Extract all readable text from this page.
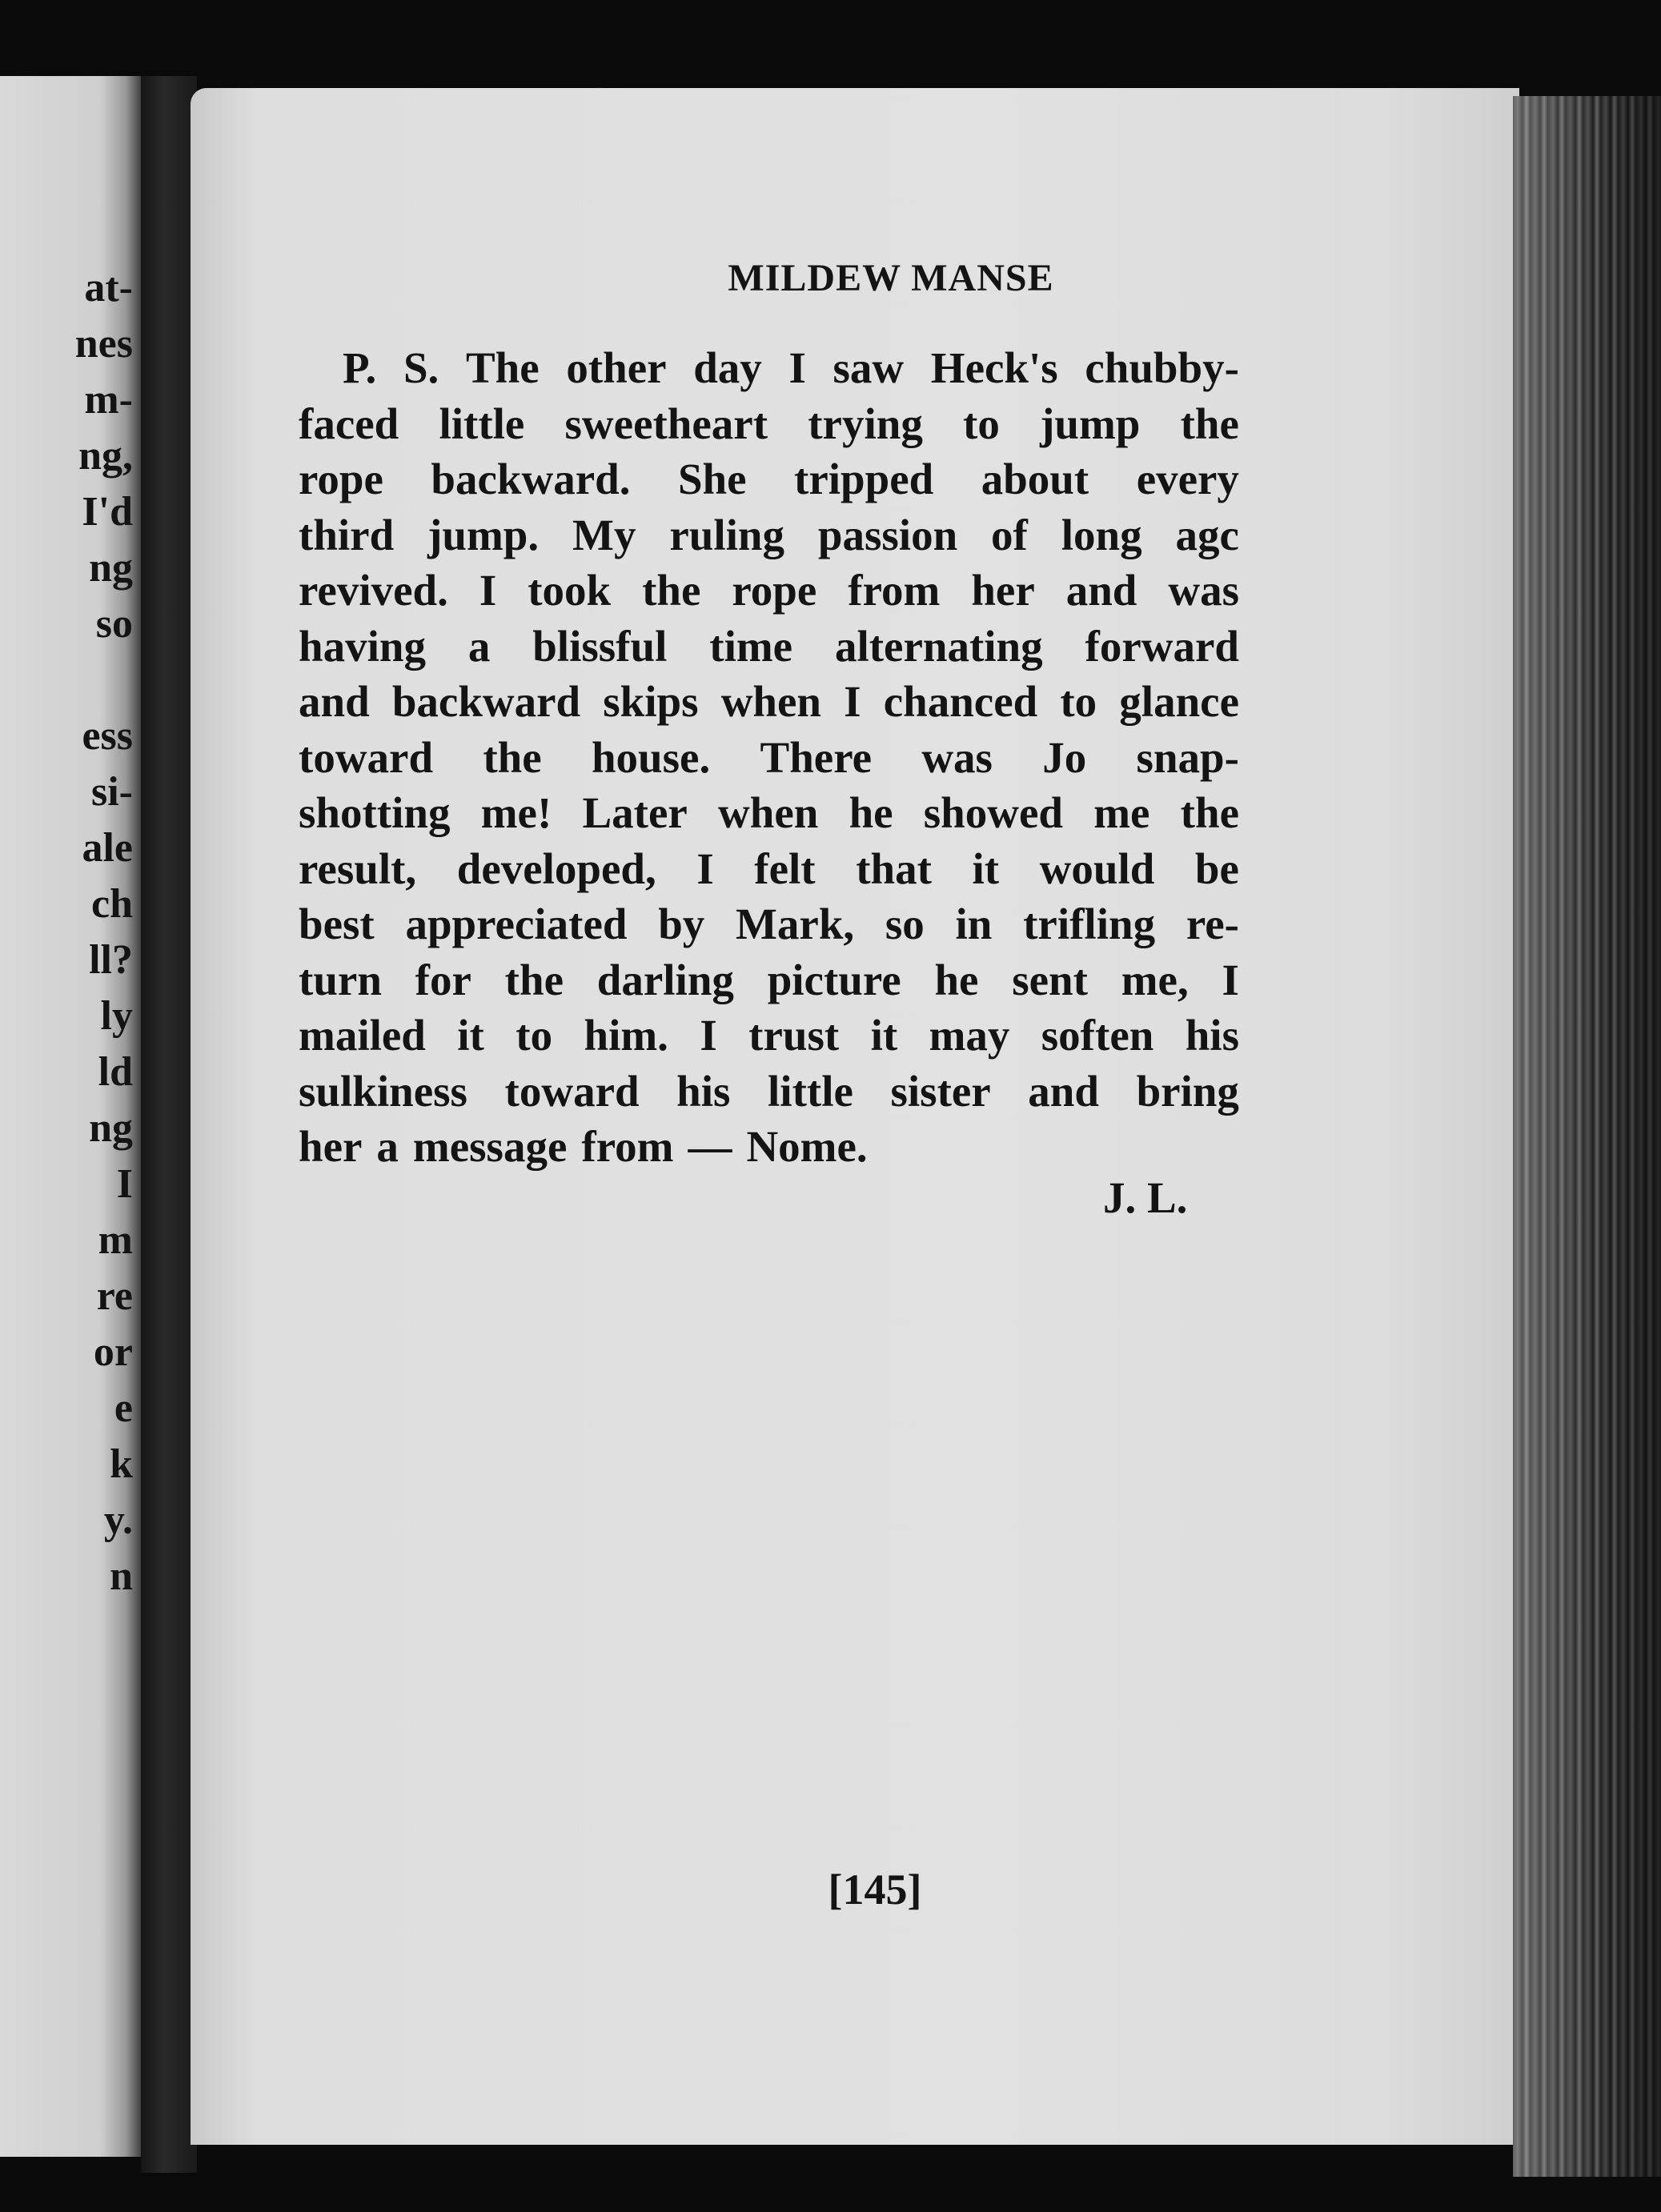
at-
nes
m-
ng,
I'd
ng
so
ess
si-
ale
ch
ll?
ly
ld
ng
I
m
re
or
e
k
y.
n
MILDEW MANSE
P. S. The other day I saw Heck's chubby-
faced little sweetheart trying to jump the
rope backward. She tripped about every
third jump. My ruling passion of long agc
revived. I took the rope from her and was
having a blissful time alternating forward
and backward skips when I chanced to glance
toward the house. There was Jo snap-
shotting me! Later when he showed me the
result, developed, I felt that it would be
best appreciated by Mark, so in trifling re-
turn for the darling picture he sent me, I
mailed it to him. I trust it may soften his
sulkiness toward his little sister and bring
her a message from — Nome.
J. L.
[145]
